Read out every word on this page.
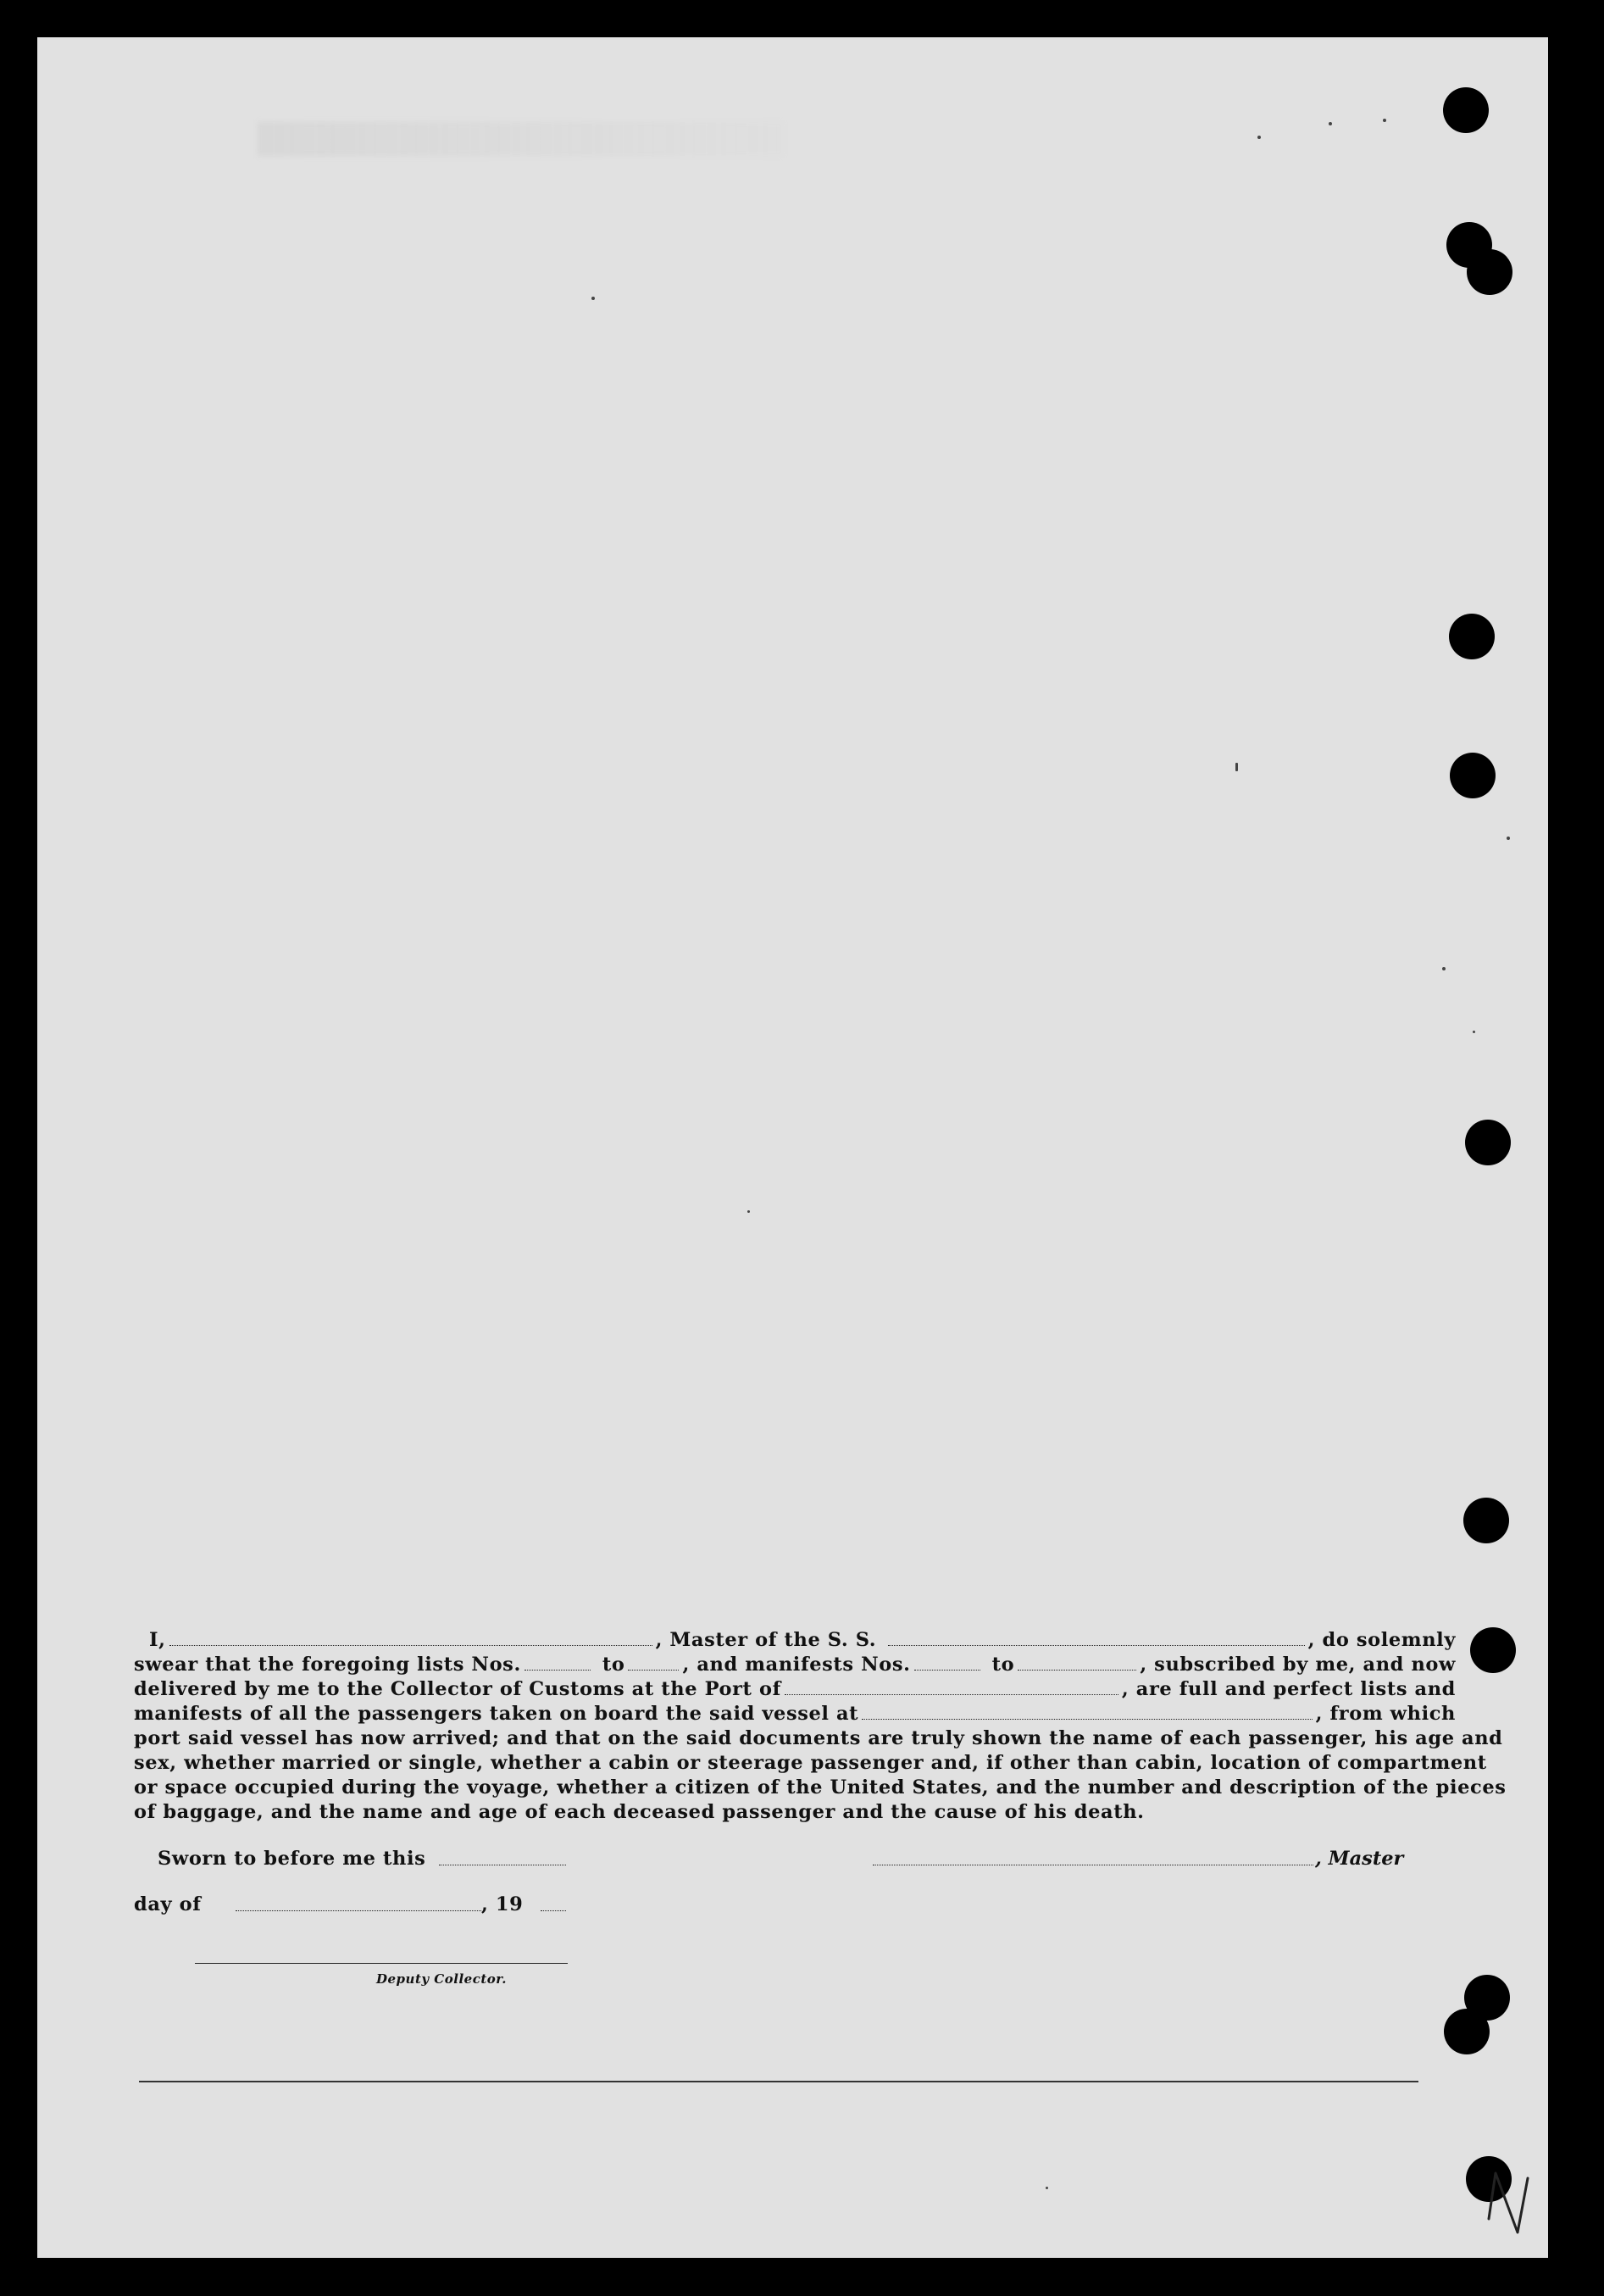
I,	, Master of the S. S.	, do solemnly
swear that the foregoing lists Nos.	to	, and manifests Nos.	to	, subscribed by me, and now
delivered by me to the Collector of Customs at the Port of	, are full and perfect lists and
manifests of all the passengers taken on board the said vessel at	, from which
port said vessel has now arrived; and that on the said documents are truly shown the name of each passenger, his age and
sex, whether married or single, whether a cabin or steerage passenger and, if other than cabin, location of compartment
or space occupied during the voyage, whether a citizen of the United States, and the number and description of the pieces
of baggage, and the name and age of each deceased passenger and the cause of his death.
Sworn to before me this	, Master
day of	, 19
Deputy Collector.
